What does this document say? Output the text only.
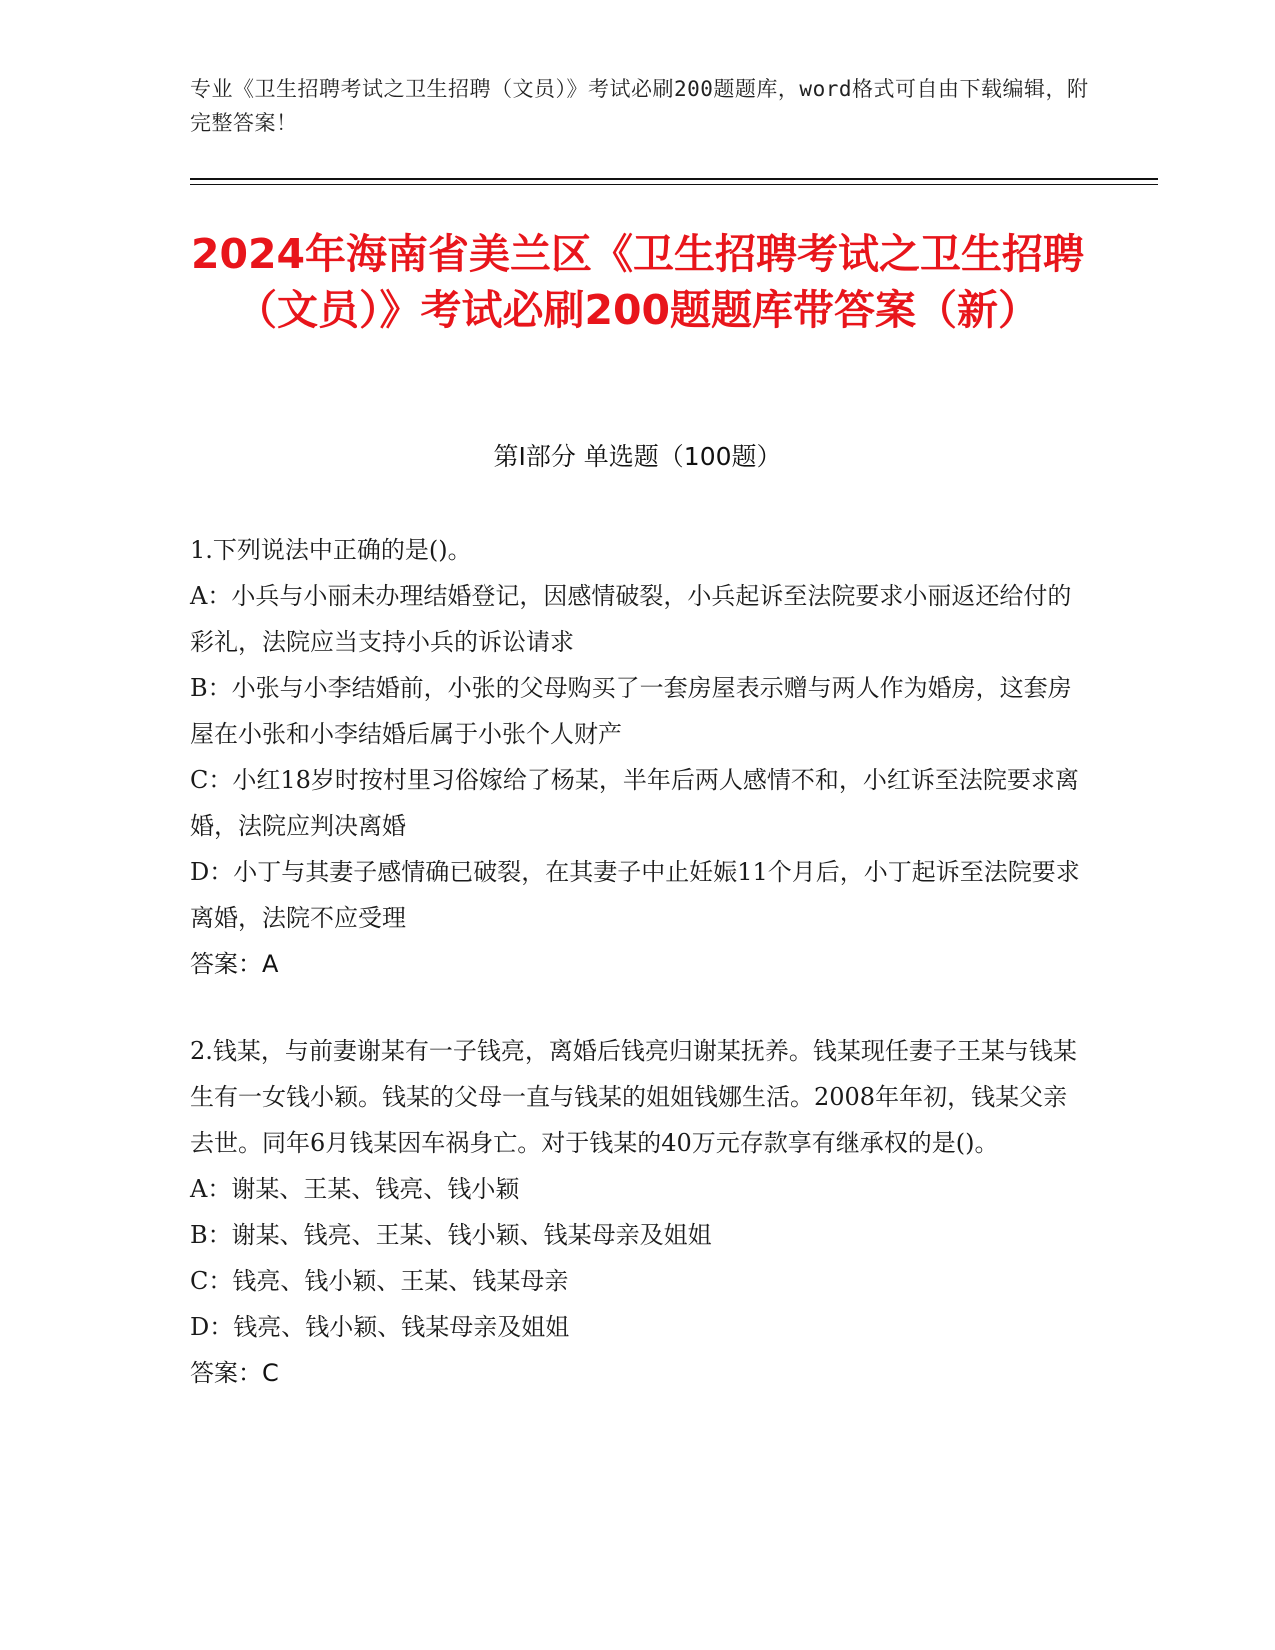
专业《卫生招聘考试之卫生招聘（文员）》考试必刷200题题库，word格式可自由下载编辑，附完整答案！
2024年海南省美兰区《卫生招聘考试之卫生招聘（文员）》考试必刷200题题库带答案（新）
第Ⅰ部分 单选题（100题）

1.下列说法中正确的是()。

A：小兵与小丽未办理结婚登记，因感情破裂，小兵起诉至法院要求小丽返还给付的彩礼，法院应当支持小兵的诉讼请求

B：小张与小李结婚前，小张的父母购买了一套房屋表示赠与两人作为婚房，这套房屋在小张和小李结婚后属于小张个人财产

C：小红18岁时按村里习俗嫁给了杨某，半年后两人感情不和，小红诉至法院要求离婚，法院应判决离婚

D：小丁与其妻子感情确已破裂，在其妻子中止妊娠11个月后，小丁起诉至法院要求离婚，法院不应受理

答案：A

2.钱某，与前妻谢某有一子钱亮，离婚后钱亮归谢某抚养。钱某现任妻子王某与钱某生有一女钱小颖。钱某的父母一直与钱某的姐姐钱娜生活。2008年年初，钱某父亲去世。同年6月钱某因车祸身亡。对于钱某的40万元存款享有继承权的是()。

A：谢某、王某、钱亮、钱小颖

B：谢某、钱亮、王某、钱小颖、钱某母亲及姐姐

C：钱亮、钱小颖、王某、钱某母亲

D：钱亮、钱小颖、钱某母亲及姐姐

答案：C
